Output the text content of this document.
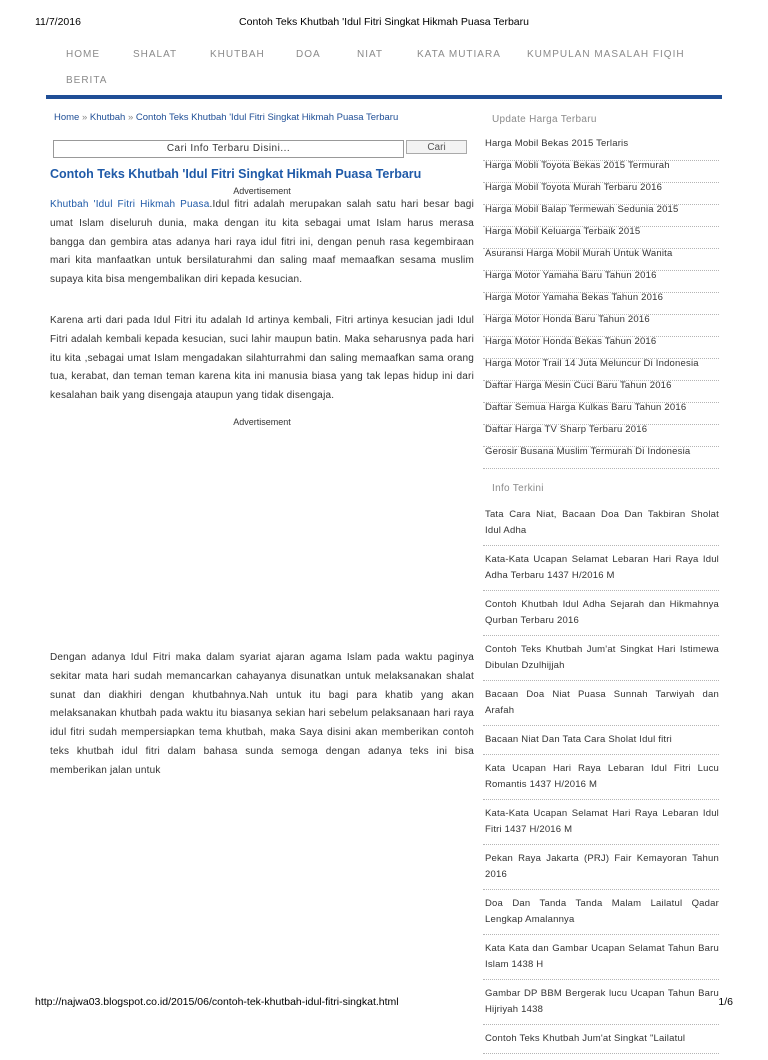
11/7/2016	Contoh Teks Khutbah 'Idul Fitri Singkat Hikmah Puasa Terbaru
HOME	SHALAT	KHUTBAH	DOA	NIAT	KATA MUTIARA	KUMPULAN MASALAH FIQIH
BERITA
Home » Khutbah » Contoh Teks Khutbah 'Idul Fitri Singkat Hikmah Puasa Terbaru
Cari Info Terbaru Disini...
Cari
Contoh Teks Khutbah 'Idul Fitri Singkat Hikmah Puasa Terbaru
Advertisement

Khutbah 'Idul Fitri Hikmah Puasa.Idul fitri adalah merupakan salah satu hari besar bagi umat Islam diseluruh dunia, maka dengan itu kita sebagai umat Islam harus merasa bangga dan gembira atas adanya hari raya idul fitri ini, dengan penuh rasa kegembiraan mari kita manfaatkan untuk bersilaturahmi dan saling maaf memaafkan sesama muslim supaya kita bisa mengembalikan diri kepada kesucian.

Karena arti dari pada Idul Fitri itu adalah Id artinya kembali, Fitri artinya kesucian jadi Idul Fitri adalah kembali kepada kesucian, suci lahir maupun batin. Maka seharusnya pada hari itu kita ,sebagai umat Islam mengadakan silahturrahmi dan saling memaafkan sama orang tua, kerabat, dan teman teman karena kita ini manusia biasa yang tak lepas hidup ini dari kesalahan baik yang disengaja ataupun yang tidak disengaja.

Advertisement

Dengan adanya Idul Fitri maka dalam syariat ajaran agama Islam pada waktu paginya sekitar mata hari sudah memancarkan cahayanya disunatkan untuk melaksanakan shalat sunat dan diakhiri dengan khutbahnya.Nah untuk itu bagi para khatib yang akan melaksanakan khutbah pada waktu itu biasanya sekian hari sebelum pelaksanaan hari raya idul fitri sudah mempersiapkan tema khutbah, maka Saya disini akan memberikan contoh teks khutbah idul fitri dalam bahasa sunda semoga dengan adanya teks ini bisa memberikan jalan untuk

Update Harga Terbaru
Harga Mobil Bekas 2015 Terlaris
Harga Mobli Toyota Bekas 2015 Termurah
Harga Mobil Toyota Murah Terbaru 2016
Harga Mobil Balap Termewah Sedunia 2015
Harga Mobil Keluarga Terbaik 2015
Asuransi Harga Mobil Murah Untuk Wanita
Harga Motor Yamaha Baru Tahun 2016
Harga Motor Yamaha Bekas Tahun 2016
Harga Motor Honda Baru Tahun 2016
Harga Motor Honda Bekas Tahun 2016
Harga Motor Trail 14 Juta Meluncur Di Indonesia
Daftar Harga Mesin Cuci Baru Tahun 2016
Daftar Semua Harga Kulkas Baru Tahun 2016
Daftar Harga TV Sharp Terbaru 2016
Gerosir Busana Muslim Termurah Di Indonesia
Info Terkini
Tata Cara Niat, Bacaan Doa Dan Takbiran Sholat Idul Adha
Kata-Kata Ucapan Selamat Lebaran Hari Raya Idul Adha Terbaru 1437 H/2016 M
Contoh Khutbah Idul Adha Sejarah dan Hikmahnya Qurban Terbaru 2016
Contoh Teks Khutbah Jum'at Singkat Hari Istimewa Dibulan Dzulhijjah
Bacaan Doa Niat Puasa Sunnah Tarwiyah dan Arafah
Bacaan Niat Dan Tata Cara Sholat Idul fitri
Kata Ucapan Hari Raya Lebaran Idul Fitri Lucu Romantis 1437 H/2016 M
Kata-Kata Ucapan Selamat Hari Raya Lebaran Idul Fitri 1437 H/2016 M
Pekan Raya Jakarta (PRJ) Fair Kemayoran Tahun 2016
Doa Dan Tanda Tanda Malam Lailatul Qadar Lengkap Amalannya
Kata Kata dan Gambar Ucapan Selamat Tahun Baru Islam 1438 H
Gambar DP BBM Bergerak lucu Ucapan Tahun Baru Hijriyah 1438
Contoh Teks Khutbah Jum'at Singkat "Lailatul
http://najwa03.blogspot.co.id/2015/06/contoh-tek-khutbah-idul-fitri-singkat.html	1/6
